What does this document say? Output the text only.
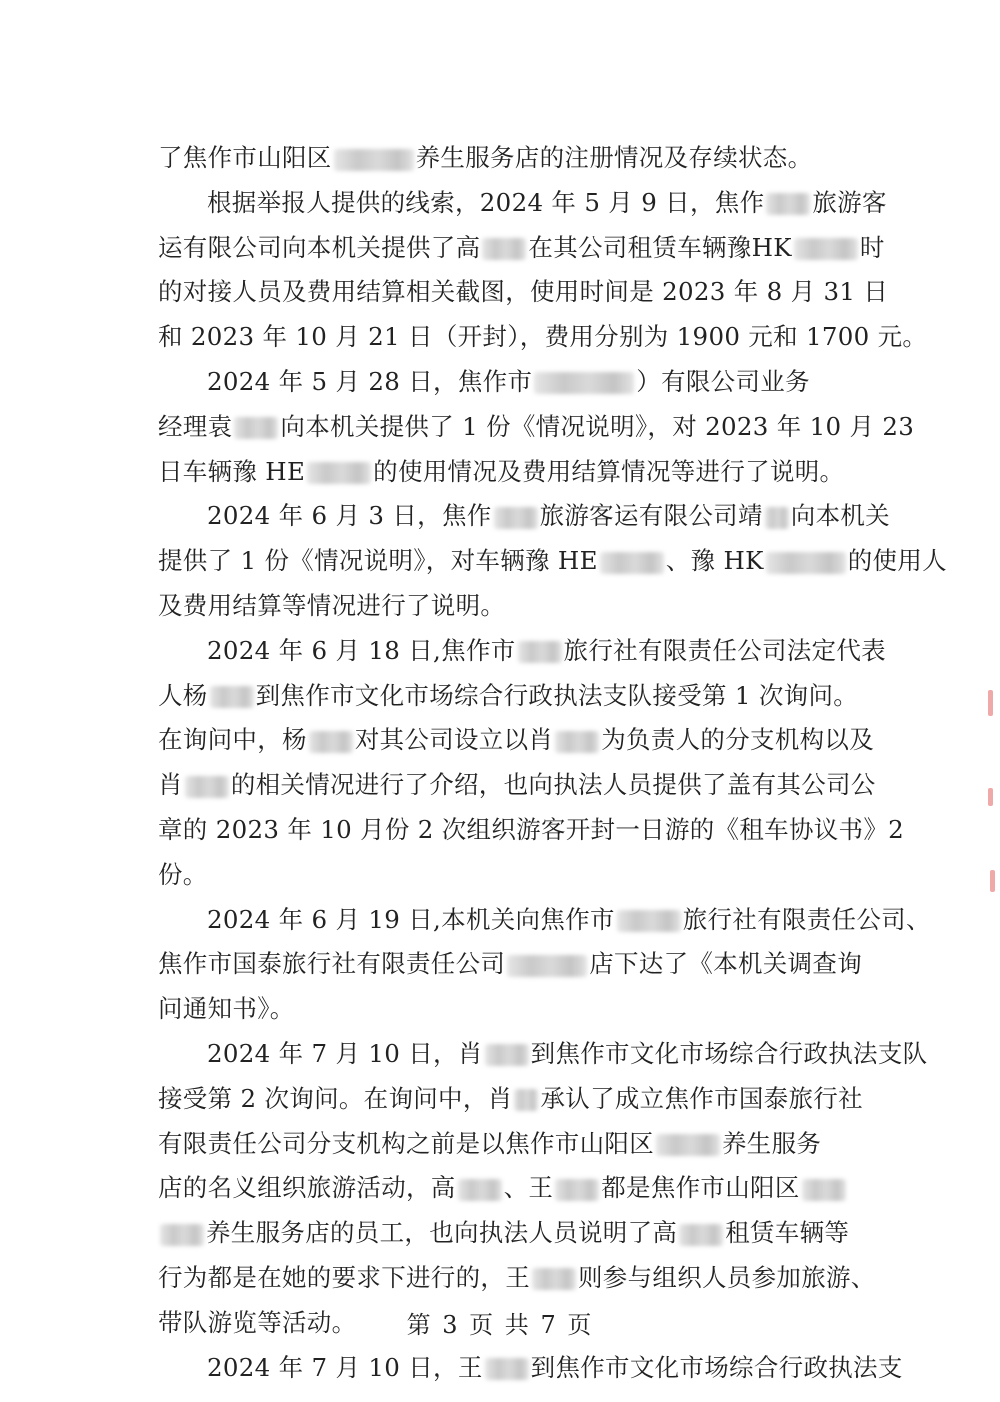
了焦作市山阳区	养生服务店的注册情况及存续状态。
根据举报人提供的线索，2024 年 5 月 9 日，焦作 旅游客
运有限公司向本机关提供了高 在其公司租赁车辆豫HK	时
的对接人员及费用结算相关截图，使用时间是 2023 年 8 月 31 日
和 2023 年 10 月 21 日（开封），费用分别为 1900 元和 1700 元。
2024 年 5 月 28 日，焦作市	）有限公司业务
经理袁 向本机关提供了 1 份《情况说明》，对 2023 年 10 月 23
日车辆豫 HE	的使用情况及费用结算情况等进行了说明。
2024 年 6 月 3 日，焦作 旅游客运有限公司靖 向本机关
提供了 1 份《情况说明》，对车辆豫 HE	、豫 HK	的使用人
及费用结算等情况进行了说明。
2024 年 6 月 18 日,焦作市 旅行社有限责任公司法定代表
人杨 到焦作市文化市场综合行政执法支队接受第 1 次询问。
在询问中，杨 对其公司设立以肖 为负责人的分支机构以及
肖 的相关情况进行了介绍，也向执法人员提供了盖有其公司公
章的 2023 年 10 月份 2 次组织游客开封一日游的《租车协议书》2
份。
2024 年 6 月 19 日,本机关向焦作市	旅行社有限责任公司、
焦作市国泰旅行社有限责任公司	店下达了《本机关调查询
问通知书》。
2024 年 7 月 10 日，肖 到焦作市文化市场综合行政执法支队
接受第 2 次询问。在询问中，肖 承认了成立焦作市国泰旅行社
有限责任公司分支机构之前是以焦作市山阳区	养生服务
店的名义组织旅游活动，高 、王 都是焦作市山阳区
养生服务店的员工，也向执法人员说明了高 租赁车辆等
行为都是在她的要求下进行的，王 则参与组织人员参加旅游、
带队游览等活动。
2024 年 7 月 10 日，王 到焦作市文化市场综合行政执法支
第 3 页 共 7 页
